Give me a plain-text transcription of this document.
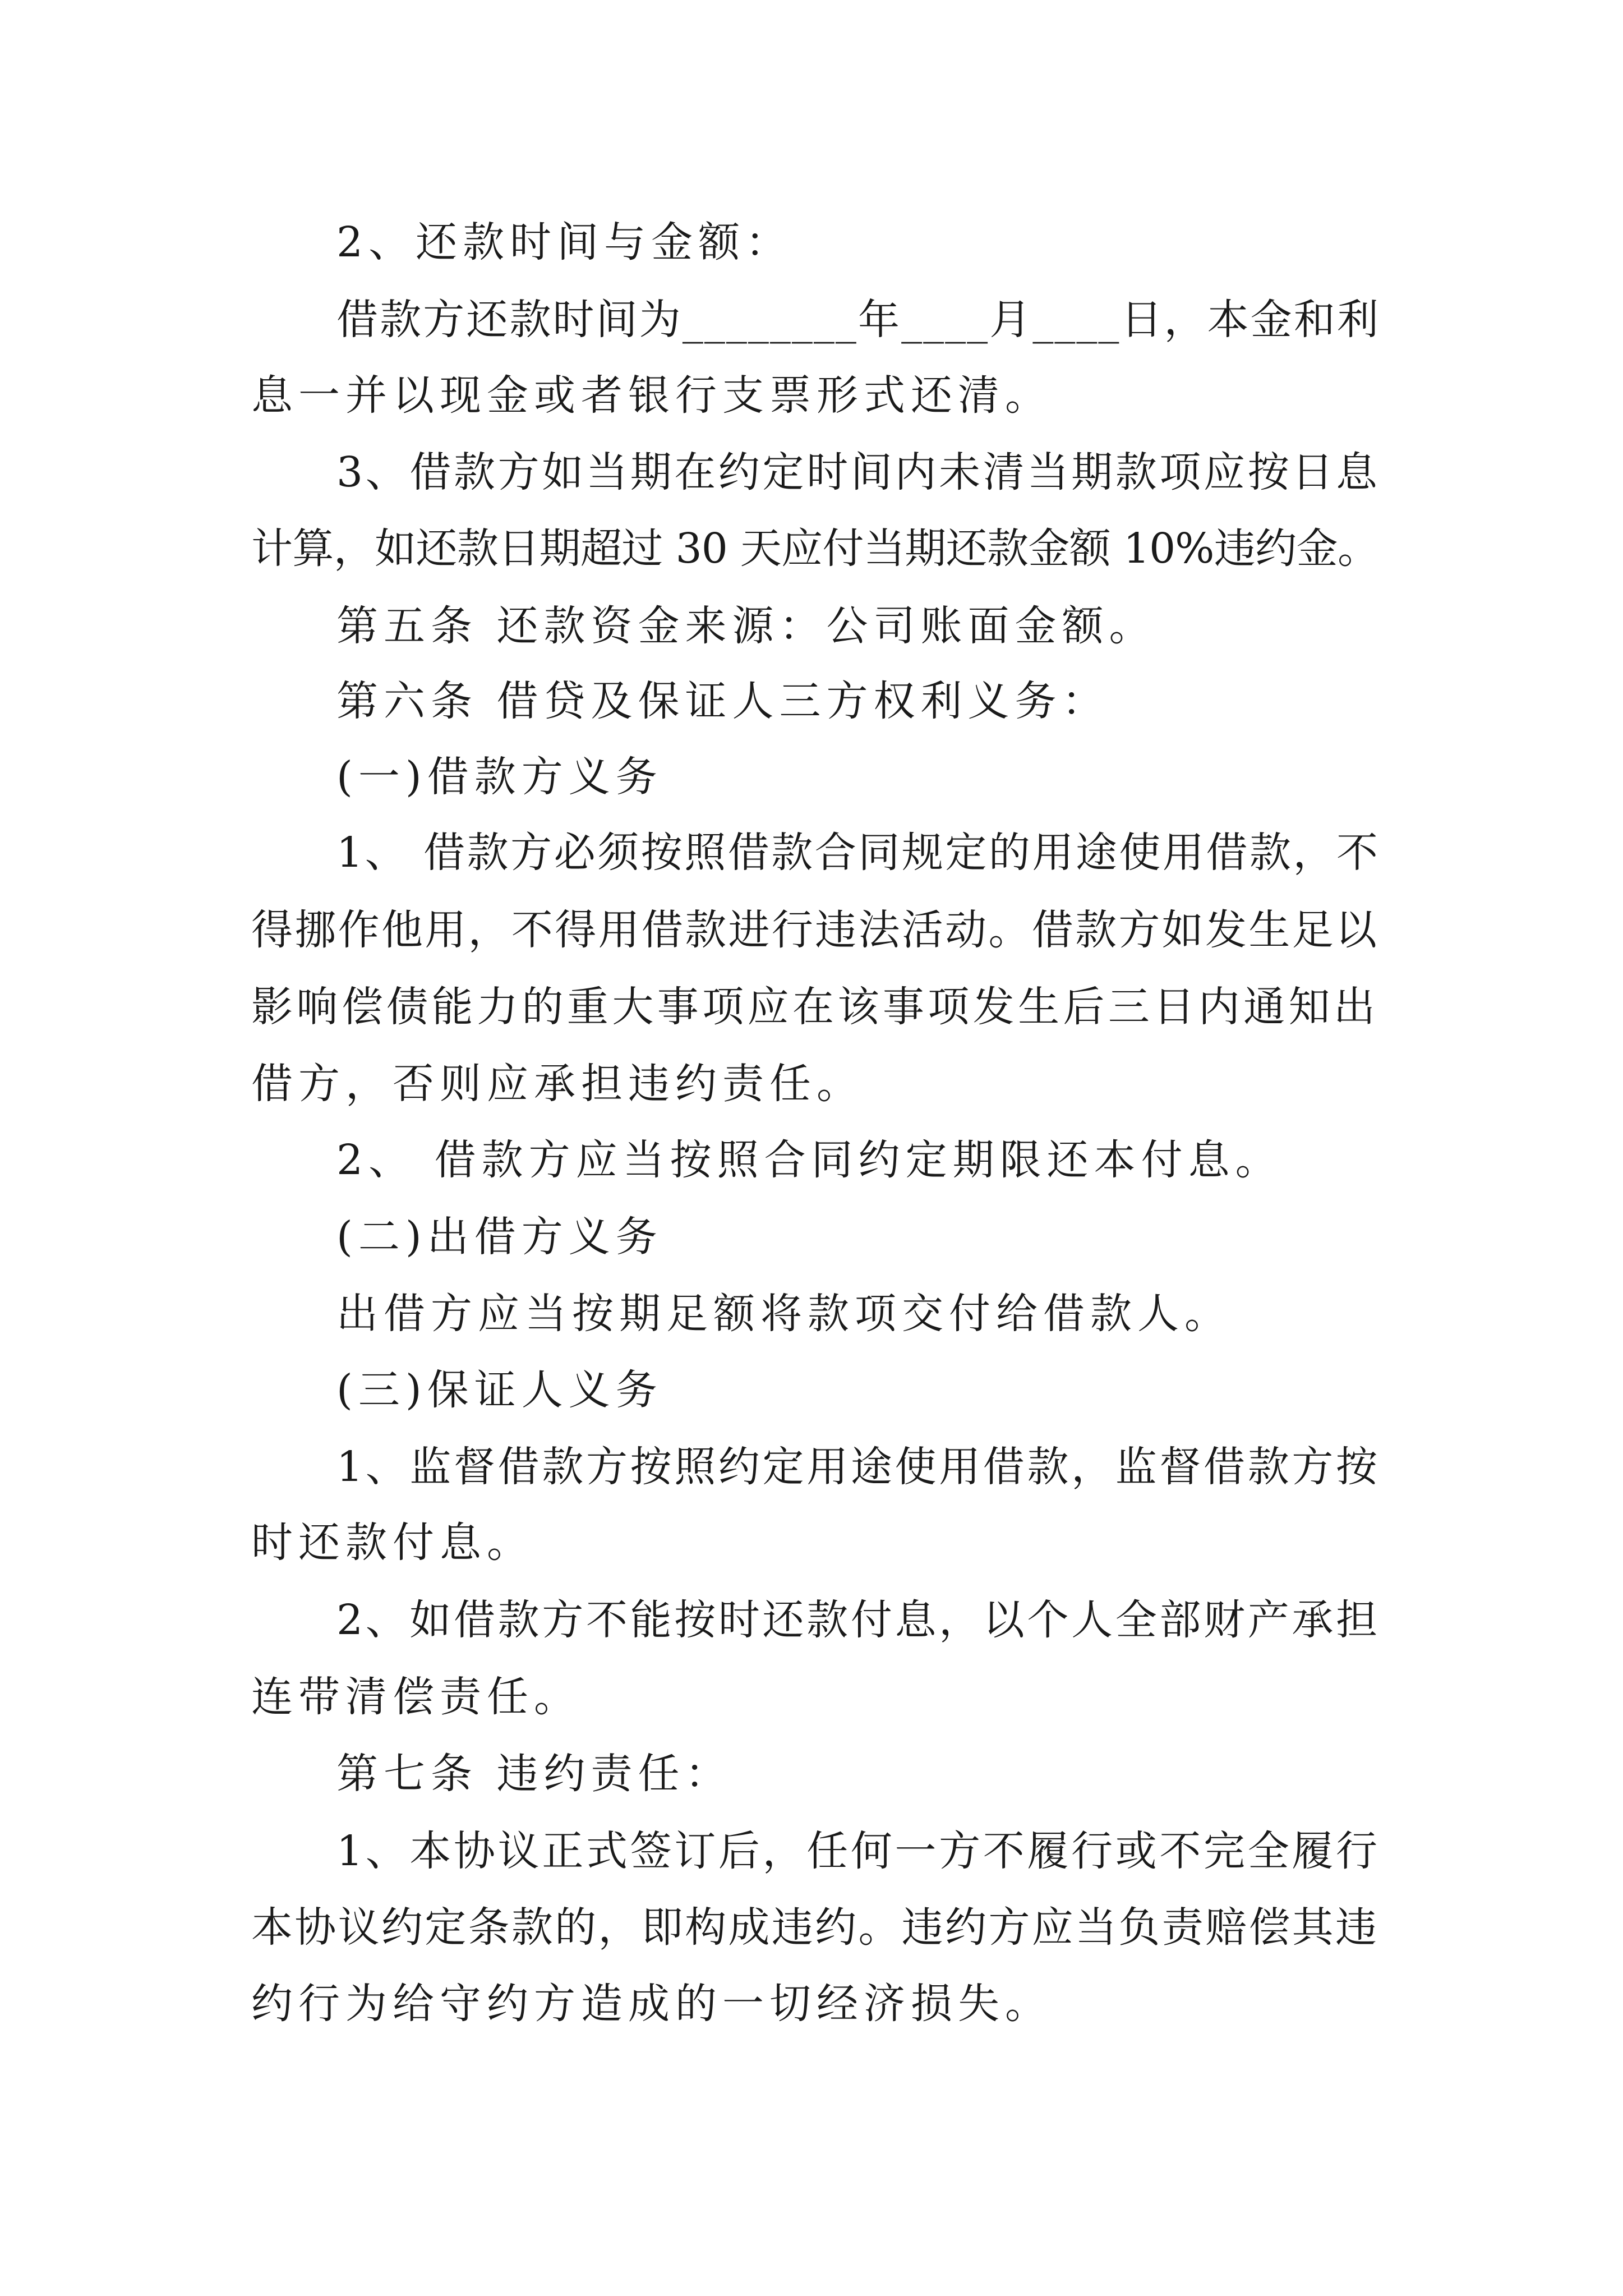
2、还款时间与金额：
借款方还款时间为________年____月____日，本金和利
息一并以现金或者银行支票形式还清。
3、借款方如当期在约定时间内未清当期款项应按日息
计算，如还款日期超过 30 天应付当期还款金额 10%违约金。
第五条 还款资金来源：公司账面金额。
第六条 借贷及保证人三方权利义务：
(一)借款方义务
1、 借款方必须按照借款合同规定的用途使用借款，不
得挪作他用，不得用借款进行违法活动。借款方如发生足以
影响偿债能力的重大事项应在该事项发生后三日内通知出
借方，否则应承担违约责任。
2、 借款方应当按照合同约定期限还本付息。
(二)出借方义务
出借方应当按期足额将款项交付给借款人。
(三)保证人义务
1、监督借款方按照约定用途使用借款，监督借款方按
时还款付息。
2、如借款方不能按时还款付息，以个人全部财产承担
连带清偿责任。
第七条 违约责任：
1、本协议正式签订后，任何一方不履行或不完全履行
本协议约定条款的，即构成违约。违约方应当负责赔偿其违
约行为给守约方造成的一切经济损失。
